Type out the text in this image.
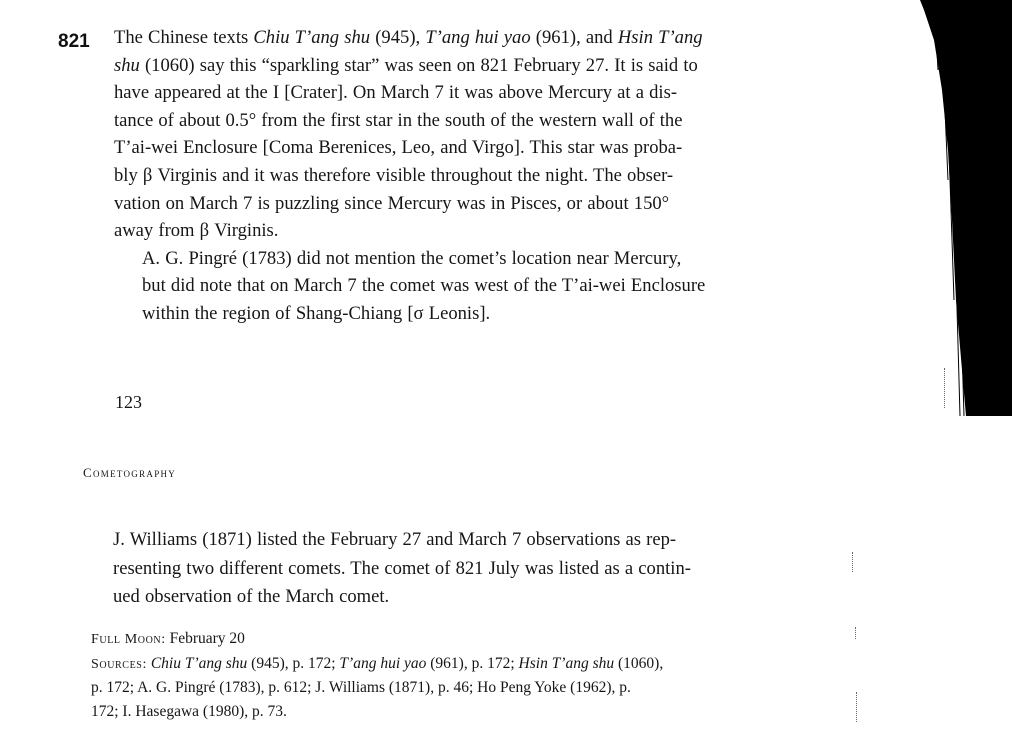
821 The Chinese texts Chiu T’ang shu (945), T’ang hui yao (961), and Hsin T’ang
shu (1060) say this “sparkling star” was seen on 821 February 27. It is said to
have appeared at the I [Crater]. On March 7 it was above Mercury at a dis-
tance of about 0.5° from the first star in the south of the western wall of the
T’ai-wei Enclosure [Coma Berenices, Leo, and Virgo]. This star was proba-
bly β Virginis and it was therefore visible throughout the night. The obser-
vation on March 7 is puzzling since Mercury was in Pisces, or about 150°
away from β Virginis.

A. G. Pingré (1783) did not mention the comet’s location near Mercury,
but did note that on March 7 the comet was west of the T’ai-wei Enclosure
within the region of Shang-Chiang [σ Leonis].

123
Cometography

J. Williams (1871) listed the February 27 and March 7 observations as rep-
resenting two different comets. The comet of 821 July was listed as a contin-
ued observation of the March comet.

Full Moon: February 20
Sources: Chiu T’ang shu (945), p. 172; T’ang hui yao (961), p. 172; Hsin T’ang shu (1060),
p. 172; A. G. Pingré (1783), p. 612; J. Williams (1871), p. 46; Ho Peng Yoke (1962), p.
172; I. Hasegawa (1980), p. 73.
